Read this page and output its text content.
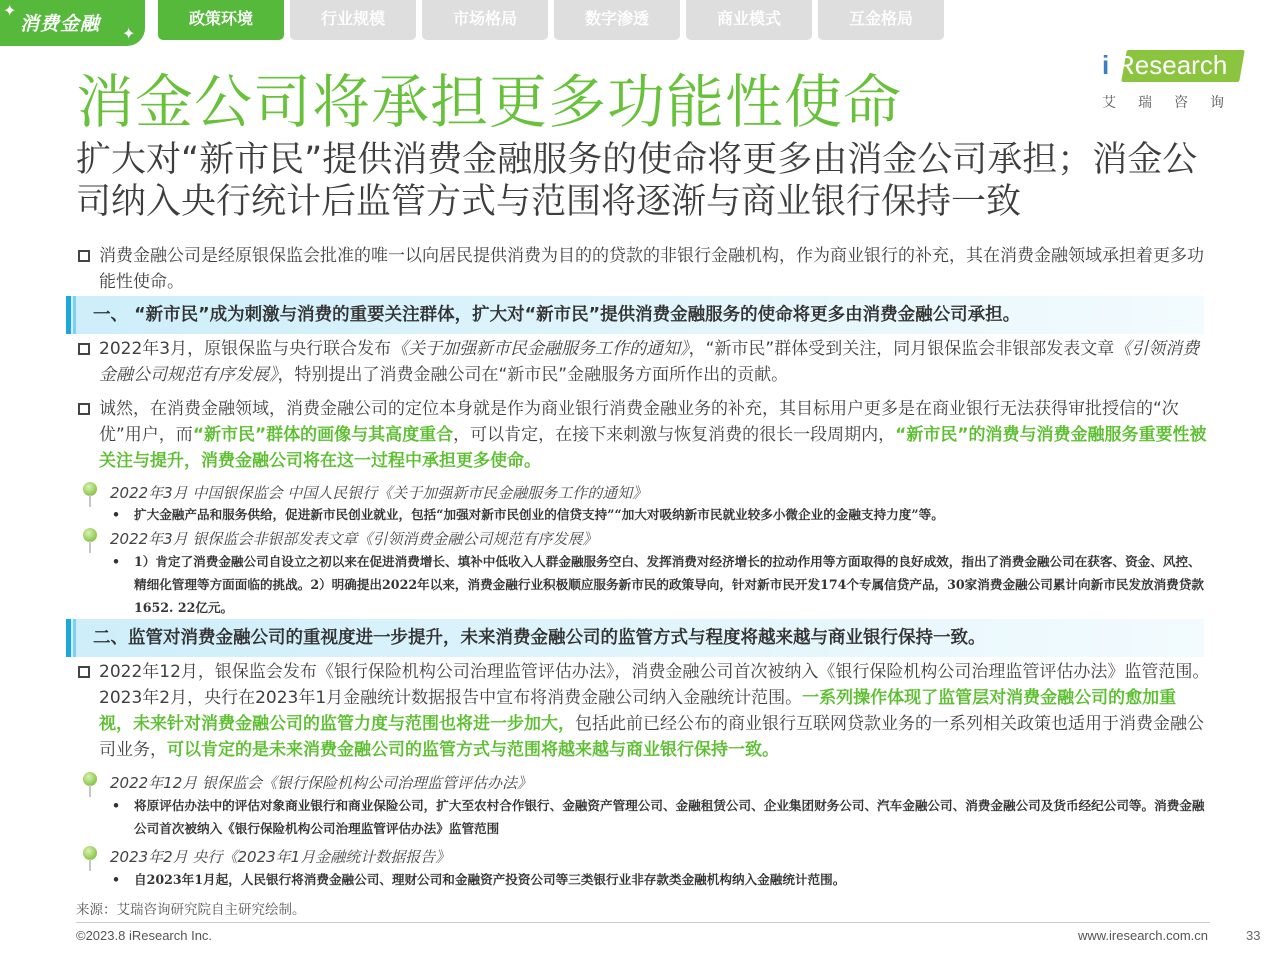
✦
消费金融 ✦
政策环境	行业规模	市场格局	数字渗透	商业模式	互金格局
i Research
艾瑞咨询
消金公司将承担更多功能性使命
扩大对“新市民”提供消费金融服务的使命将更多由消金公司承担；消金公司纳入央行统计后监管方式与范围将逐渐与商业银行保持一致
消费金融公司是经原银保监会批准的唯一以向居民提供消费为目的的贷款的非银行金融机构，作为商业银行的补充，其在消费金融领域承担着更多功能性使命。
一、 “新市民”成为刺激与消费的重要关注群体，扩大对“新市民”提供消费金融服务的使命将更多由消费金融公司承担。
2022年3月，原银保监与央行联合发布《关于加强新市民金融服务工作的通知》，“新市民”群体受到关注，同月银保监会非银部发表文章《引领消费金融公司规范有序发展》，特别提出了消费金融公司在“新市民”金融服务方面所作出的贡献。
诚然，在消费金融领域，消费金融公司的定位本身就是作为商业银行消费金融业务的补充，其目标用户更多是在商业银行无法获得审批授信的“次优”用户，而“新市民”群体的画像与其高度重合，可以肯定，在接下来刺激与恢复消费的很长一段周期内，“新市民”的消费与消费金融服务重要性被关注与提升，消费金融公司将在这一过程中承担更多使命。
2022年3月 中国银保监会 中国人民银行《关于加强新市民金融服务工作的通知》
• 扩大金融产品和服务供给，促进新市民创业就业，包括“加强对新市民创业的信贷支持”“加大对吸纳新市民就业较多小微企业的金融支持力度”等。
2022年3月 银保监会非银部发表文章《引领消费金融公司规范有序发展》
• 1）肯定了消费金融公司自设立之初以来在促进消费增长、填补中低收入人群金融服务空白、发挥消费对经济增长的拉动作用等方面取得的良好成效，指出了消费金融公司在获客、资金、风控、精细化管理等方面面临的挑战。2）明确提出2022年以来，消费金融行业积极顺应服务新市民的政策导向，针对新市民开发174个专属信贷产品，30家消费金融公司累计向新市民发放消费贷款1652. 22亿元。
二、监管对消费金融公司的重视度进一步提升，未来消费金融公司的监管方式与程度将越来越与商业银行保持一致。
2022年12月，银保监会发布《银行保险机构公司治理监管评估办法》，消费金融公司首次被纳入《银行保险机构公司治理监管评估办法》监管范围。2023年2月，央行在2023年1月金融统计数据报告中宣布将消费金融公司纳入金融统计范围。一系列操作体现了监管层对消费金融公司的愈加重视，未来针对消费金融公司的监管力度与范围也将进一步加大，包括此前已经公布的商业银行互联网贷款业务的一系列相关政策也适用于消费金融公司业务，可以肯定的是未来消费金融公司的监管方式与范围将越来越与商业银行保持一致。
2022年12月 银保监会《银行保险机构公司治理监管评估办法》
• 将原评估办法中的评估对象商业银行和商业保险公司，扩大至农村合作银行、金融资产管理公司、金融租赁公司、企业集团财务公司、汽车金融公司、消费金融公司及货币经纪公司等。消费金融公司首次被纳入《银行保险机构公司治理监管评估办法》监管范围
2023年2月 央行《2023年1月金融统计数据报告》
• 自2023年1月起，人民银行将消费金融公司、理财公司和金融资产投资公司等三类银行业非存款类金融机构纳入金融统计范围。
来源：艾瑞咨询研究院自主研究绘制。
©2023.8 iResearch Inc.	www.iresearch.com.cn	33
